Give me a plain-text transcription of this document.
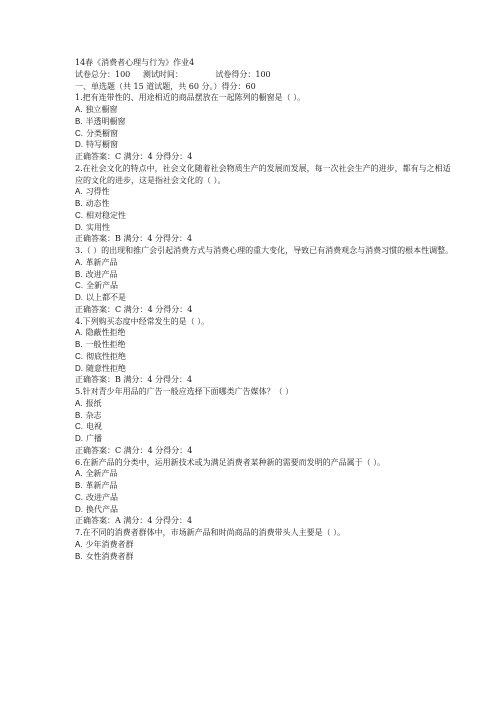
14春《消费者心理与行为》作业4
试卷总分：100 测试时间：	试卷得分：100
一、单选题（共 15 道试题，共 60 分。）得分：60
1.把有连带性的、用途相近的商品摆放在一起陈列的橱窗是（ ）。
A. 独立橱窗
B. 半透明橱窗
C. 分类橱窗
D. 特写橱窗
正确答案：C 满分：4 分得分：4
2.在社会文化的特点中，社会文化随着社会物质生产的发展而发展，每一次社会生产的进步，都有与之相适应的文化的进步，这是指社会文化的（ ）。
A. 习得性
B. 动态性
C. 相对稳定性
D. 实用性
正确答案：B 满分：4 分得分：4
3.（ ）的出现和推广会引起消费方式与消费心理的重大变化，导致已有消费观念与消费习惯的根本性调整。
A. 革新产品
B. 改进产品
C. 全新产品
D. 以上都不是
正确答案：C 满分：4 分得分：4
4.下列购买态度中经常发生的是（ ）。
A. 隐蔽性拒绝
B. 一般性拒绝
C. 彻底性拒绝
D. 随意性拒绝
正确答案：B 满分：4 分得分：4
5.针对青少年用品的广告一般应选择下面哪类广告媒体？（ ）
A. 报纸
B. 杂志
C. 电视
D. 广播
正确答案：C 满分：4 分得分：4
6.在新产品的分类中，运用新技术或为满足消费者某种新的需要而发明的产品属于（ ）。
A. 全新产品
B. 革新产品
C. 改进产品
D. 换代产品
正确答案：A 满分：4 分得分：4
7.在不同的消费者群体中，市场新产品和时尚商品的消费带头人主要是（ ）。
A. 少年消费者群
B. 女性消费者群
